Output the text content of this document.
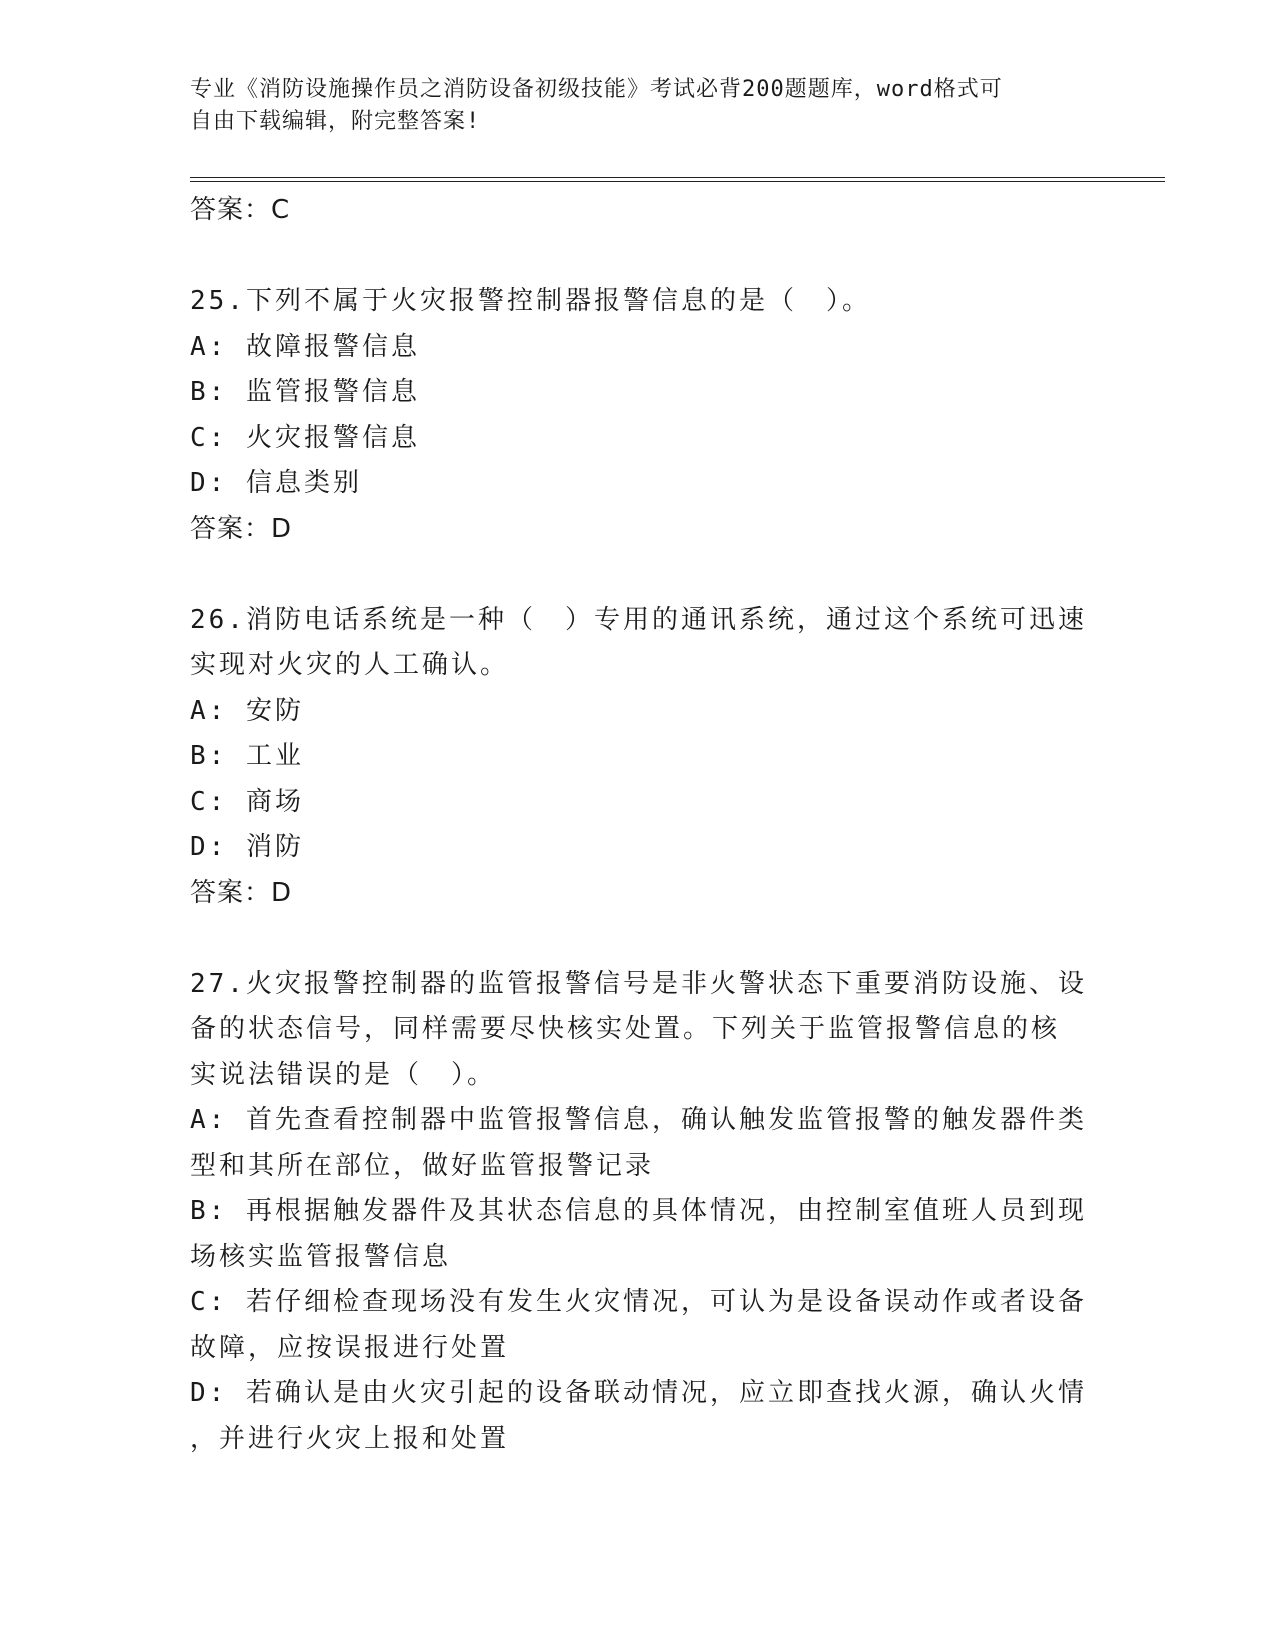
专业《消防设施操作员之消防设备初级技能》考试必背200题题库，word格式可
自由下载编辑，附完整答案!
答案：C
25.下列不属于火灾报警控制器报警信息的是（　）。
A: 故障报警信息
B: 监管报警信息
C: 火灾报警信息
D: 信息类别
答案：D
26.消防电话系统是一种（　）专用的通讯系统，通过这个系统可迅速
实现对火灾的人工确认。
A: 安防
B: 工业
C: 商场
D: 消防
答案：D
27.火灾报警控制器的监管报警信号是非火警状态下重要消防设施、设
备的状态信号，同样需要尽快核实处置。下列关于监管报警信息的核
实说法错误的是（　）。
A: 首先查看控制器中监管报警信息，确认触发监管报警的触发器件类
型和其所在部位，做好监管报警记录
B: 再根据触发器件及其状态信息的具体情况，由控制室值班人员到现
场核实监管报警信息
C: 若仔细检查现场没有发生火灾情况，可认为是设备误动作或者设备
故障，应按误报进行处置
D: 若确认是由火灾引起的设备联动情况，应立即查找火源，确认火情
，并进行火灾上报和处置
